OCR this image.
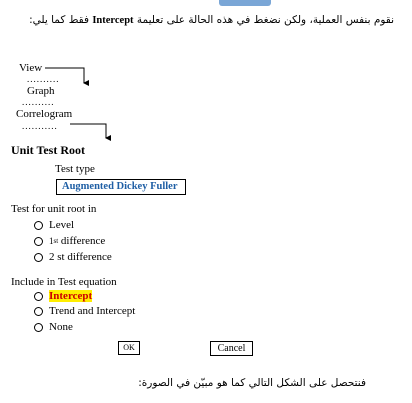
نقوم بنفس العملية، ولكن نضغط في هذه الحالة على تعليمة Intercept فقط كما يلي:
View
..........
Graph
..........
Correlogram
...........
Unit Test Root
Test type
Augmented Dickey Fuller
Test for unit root in
Level
1 st
difference
2 st difference
Include in Test equation
Intercept
Trend and Intercept
None
OK	Cancel
فنتحصل على الشكل التالي كما هو مبيّن في الصورة:
